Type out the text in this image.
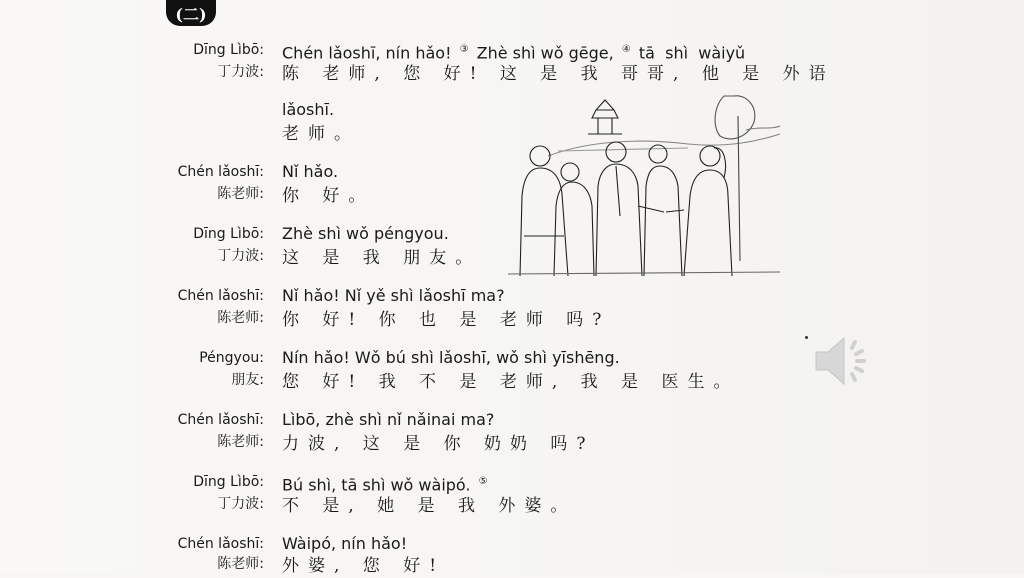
(二)
Dīng Lìbō:
丁力波:
Chén lǎoshī, nín hǎo! ③ Zhè shì wǒ gēge, ④ tā  shì  wàiyǔ
陈 老师, 您 好! 这 是 我 哥哥, 他 是 外语
lǎoshī.
老师。
Chén lǎoshī:
陈老师:
Nǐ hǎo.
你 好。
Dīng Lìbō:
丁力波:
Zhè shì wǒ péngyou.
这 是 我 朋友。
Chén lǎoshī:
陈老师:
Nǐ hǎo! Nǐ yě shì lǎoshī ma?
你 好! 你 也 是 老师 吗?
Péngyou:
朋友:
Nín hǎo! Wǒ bú shì lǎoshī, wǒ shì yīshēng.
您 好! 我 不 是 老师, 我 是 医生。
Chén lǎoshī:
陈老师:
Lìbō, zhè shì nǐ nǎinai ma?
力波, 这 是 你 奶奶 吗?
Dīng Lìbō:
丁力波:
Bú shì, tā shì wǒ wàipó. ⑤
不 是, 她 是 我 外婆。
Chén lǎoshī:
陈老师:
Wàipó, nín hǎo!
外婆, 您 好!
